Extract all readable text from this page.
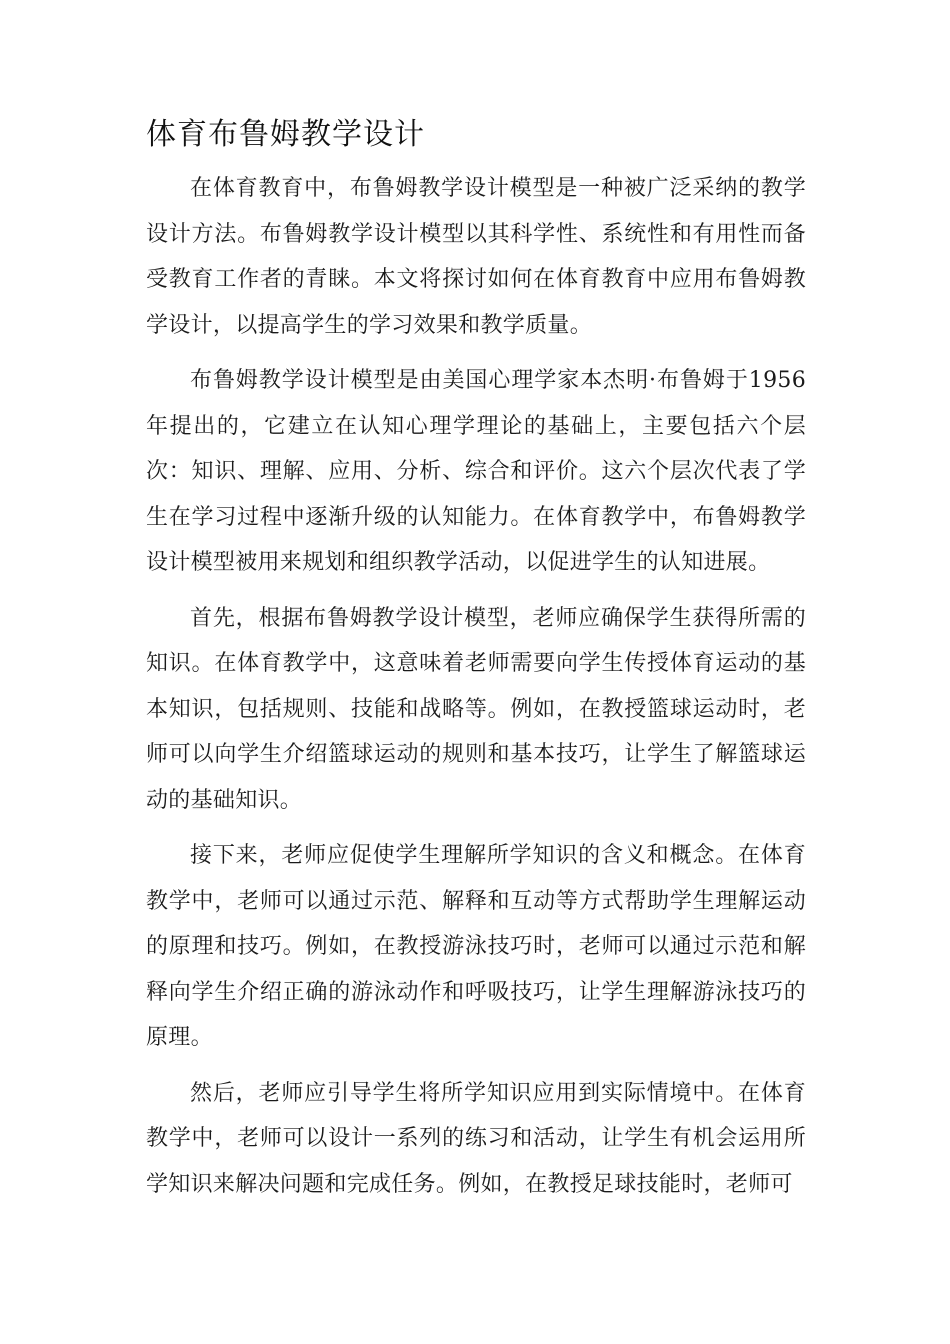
体育布鲁姆教学设计

在体育教育中，布鲁姆教学设计模型是一种被广泛采纳的教学设计方法。布鲁姆教学设计模型以其科学性、系统性和有用性而备受教育工作者的青睐。本文将探讨如何在体育教育中应用布鲁姆教学设计，以提高学生的学习效果和教学质量。

布鲁姆教学设计模型是由美国心理学家本杰明·布鲁姆于1956年提出的，它建立在认知心理学理论的基础上，主要包括六个层次：知识、理解、应用、分析、综合和评价。这六个层次代表了学生在学习过程中逐渐升级的认知能力。在体育教学中，布鲁姆教学设计模型被用来规划和组织教学活动，以促进学生的认知进展。

首先，根据布鲁姆教学设计模型，老师应确保学生获得所需的知识。在体育教学中，这意味着老师需要向学生传授体育运动的基本知识，包括规则、技能和战略等。例如，在教授篮球运动时，老师可以向学生介绍篮球运动的规则和基本技巧，让学生了解篮球运动的基础知识。

接下来，老师应促使学生理解所学知识的含义和概念。在体育教学中，老师可以通过示范、解释和互动等方式帮助学生理解运动的原理和技巧。例如，在教授游泳技巧时，老师可以通过示范和解释向学生介绍正确的游泳动作和呼吸技巧，让学生理解游泳技巧的原理。

然后，老师应引导学生将所学知识应用到实际情境中。在体育教学中，老师可以设计一系列的练习和活动，让学生有机会运用所学知识来解决问题和完成任务。例如，在教授足球技能时，老师可
